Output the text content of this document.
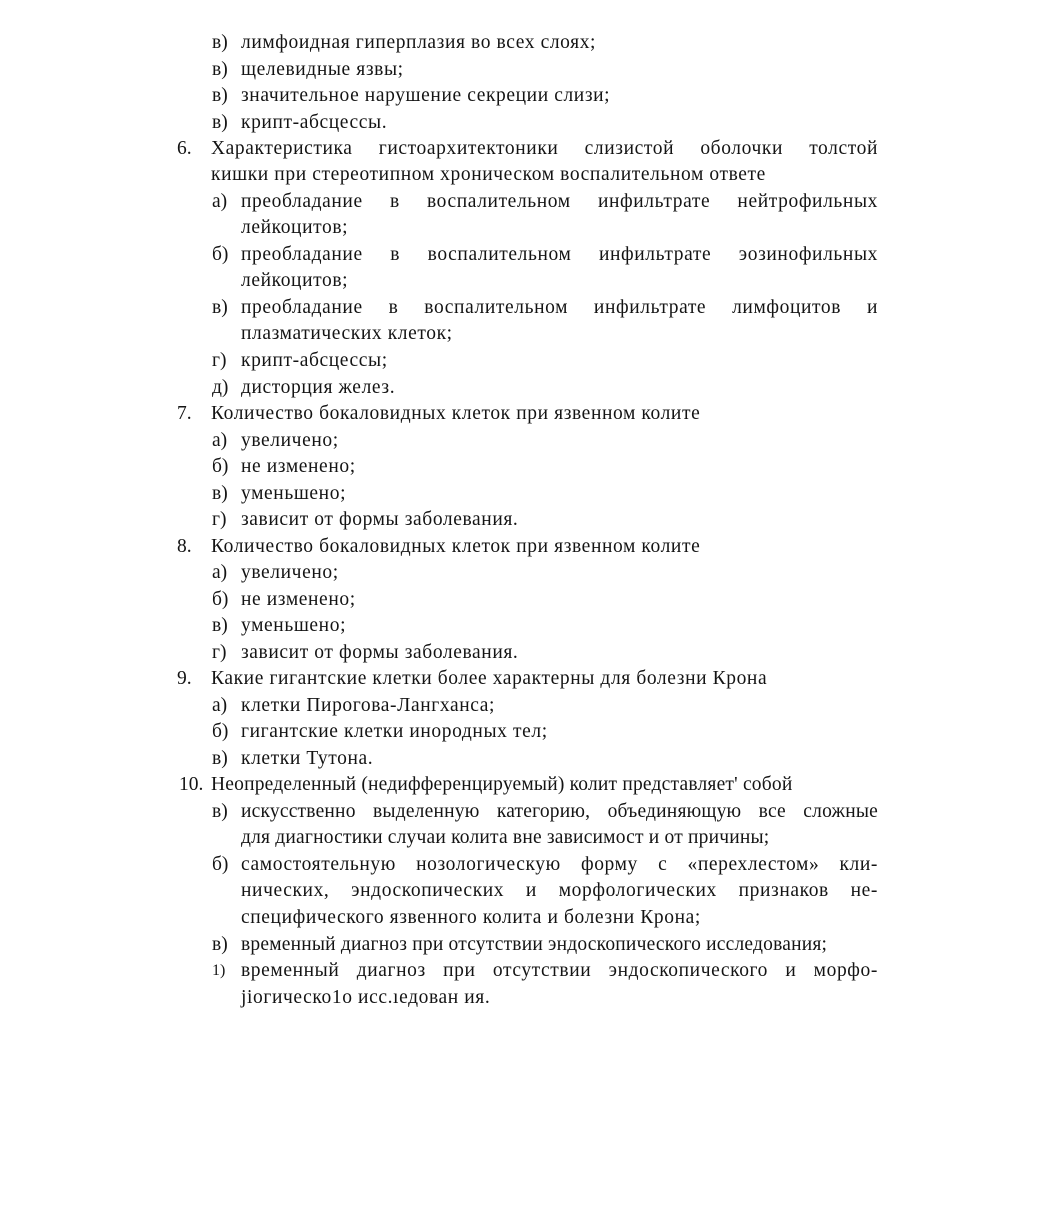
в) лимфоидная гиперплазия во всех слоях;
в) щелевидные язвы;
в) значительное нарушение секреции слизи;
в) крипт-абсцессы.
6. Характеристика гистоархитектоники слизистой оболочки толстой
кишки при стереотипном хроническом воспалительном ответе
а) преобладание в воспалительном инфильтрате нейтрофильных
лейкоцитов;
б) преобладание в воспалительном инфильтрате эозинофильных
лейкоцитов;
в) преобладание в воспалительном инфильтрате лимфоцитов и
плазматических клеток;
г) крипт-абсцессы;
д) дисторция желез.
7. Количество бокаловидных клеток при язвенном колите
а) увеличено;
б) не изменено;
в) уменьшено;
г) зависит от формы заболевания.
8. Количество бокаловидных клеток при язвенном колите
а) увеличено;
б) не изменено;
в) уменьшено;
г) зависит от формы заболевания.
9. Какие гигантские клетки более характерны для болезни Крона
а) клетки Пирогова-Лангханса;
б) гигантские клетки инородных тел;
в) клетки Тутона.
10. Неопределенный (недифференцируемый) колит представляет' собой
в) искусственно выделенную категорию, объединяющую все сложные
для диагностики случаи колита вне зависимост и от причины;
б) самостоятельную нозологическую форму с «перехлестом» кли-
нических, эндоскопических и морфологических признаков не-
специфического язвенного колита и болезни Крона;
в) временный диагноз при отсутствии эндоскопического исследования;
1) временный диагноз при отсутствии эндоскопического и морфо-
jіогическо1о исс.ıедован ия.
